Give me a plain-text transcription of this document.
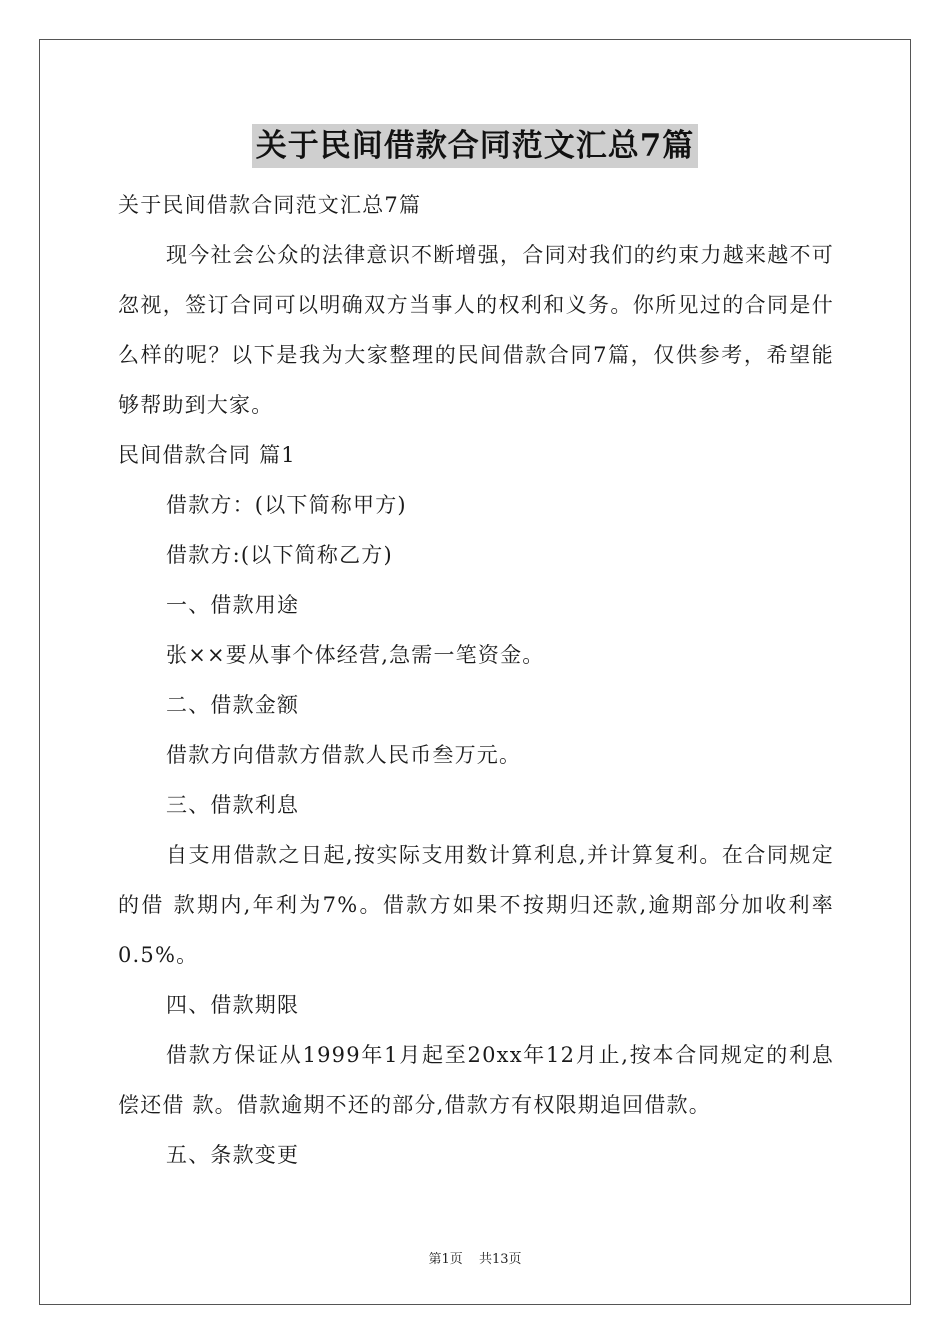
关于民间借款合同范文汇总7篇

关于民间借款合同范文汇总7篇

现今社会公众的法律意识不断增强，合同对我们的约束力越来越不可忽视，签订合同可以明确双方当事人的权利和义务。你所见过的合同是什么样的呢？以下是我为大家整理的民间借款合同7篇，仅供参考，希望能够帮助到大家。

民间借款合同 篇1

借款方：(以下简称甲方)

借款方:(以下简称乙方)

一、借款用途

张××要从事个体经营,急需一笔资金。

二、借款金额

借款方向借款方借款人民币叁万元。

三、借款利息

自支用借款之日起,按实际支用数计算利息,并计算复利。在合同规定的借 款期内,年利为7%。借款方如果不按期归还款,逾期部分加收利率0.5%。

四、借款期限

借款方保证从1999年1月起至20xx年12月止,按本合同规定的利息偿还借 款。借款逾期不还的部分,借款方有权限期追回借款。

五、条款变更

第1页 共13页
